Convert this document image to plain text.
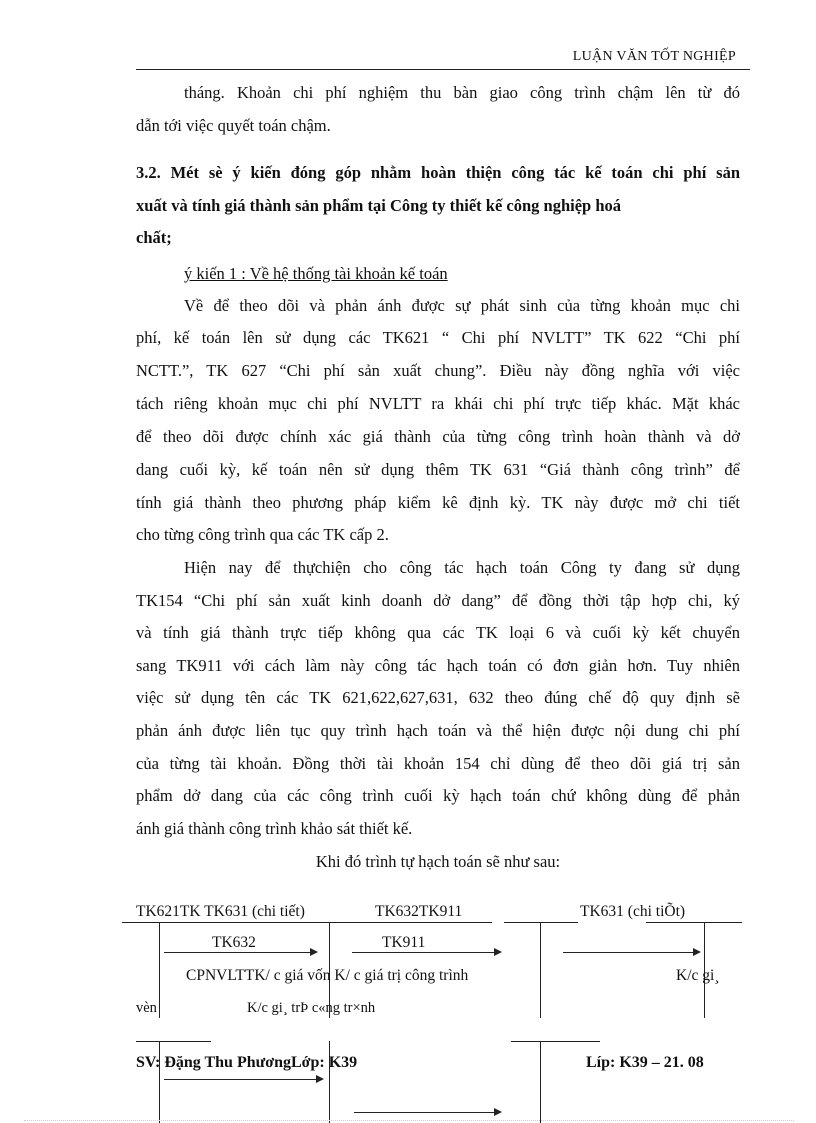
LUẬN VĂN TỐT NGHIỆP
tháng. Khoản chi phí nghiệm thu bàn giao công trình chậm lên từ đó
dẫn tới việc quyết toán chậm.
3.2. Mét sè ý kiến đóng góp nhằm hoàn thiện công tác kế toán chi phí sản
xuất và tính giá thành sản phẩm tại Công ty thiết kế công nghiệp hoá
chất;
ý kiến 1 : Về hệ thống tài khoản kế toán
Về để theo dõi và phản ánh được sự phát sinh của từng khoản mục chi
phí, kế toán lên sử dụng các TK621 “ Chi phí NVLTT” TK 622 “Chi phí
NCTT.”, TK 627 “Chi phí sản xuất chung”. Điều này đồng nghĩa với việc
tách riêng khoản mục chi phí NVLTT ra khái chi phí trực tiếp khác. Mặt khác
để theo dõi được chính xác giá thành của từng công trình hoàn thành và dở
dang cuối kỳ, kế toán nên sử dụng thêm TK 631 “Giá thành công trình” để
tính giá thành theo phương pháp kiểm kê định kỳ. TK này được mở chi tiết
cho từng công trình qua các TK cấp 2.
Hiện nay để thựchiện cho công tác hạch toán Công ty đang sử dụng
TK154 “Chi phí sản xuất kinh doanh dở dang” để đồng thời tập hợp chi, ký
và tính giá thành trực tiếp không qua các TK loại 6 và cuối kỳ kết chuyển
sang TK911 với cách làm này công tác hạch toán có đơn giản hơn. Tuy nhiên
việc sử dụng tên các TK 621,622,627,631, 632 theo đúng chế độ quy định sẽ
phản ánh được liên tục quy trình hạch toán và thể hiện được nội dung chi phí
của từng tài khoản. Đồng thời tài khoản 154 chỉ dùng để theo dõi giá trị sản
phẩm dở dang của các công trình cuối kỳ hạch toán chứ không dùng để phản
ánh giá thành công trình khảo sát thiết kế.
Khi đó trình tự hạch toán sẽ như sau:
TK621TK TK631 (chi tiết)	TK632TK911	TK631 (chi tiÕt)
TK632	TK911
CPNVLTTK/ c giá vốn K/ c giá trị công trình	K/c gi¸
vèn	K/c gi¸ trÞ c«ng tr×nh
SV: Đặng Thu PhươngLớp: K39	Líp: K39 – 21. 08
